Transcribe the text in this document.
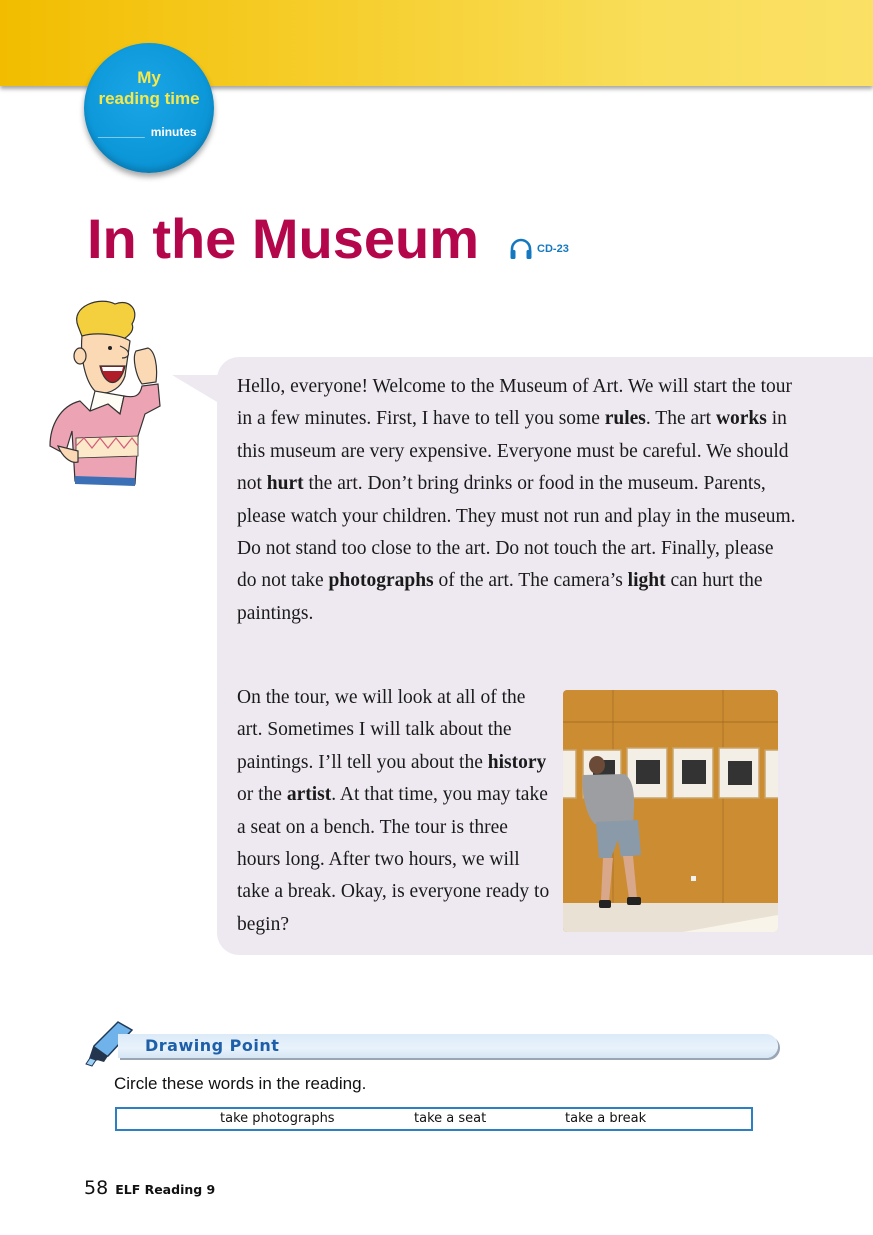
My
reading time
_______ minutes
In the Museum	CD-23
Hello, everyone! Welcome to the Museum of Art. We will start the tour in a few minutes. First, I have to tell you some rules. The art works in this museum are very expensive. Everyone must be careful. We should not hurt the art. Don’t bring drinks or food in the museum. Parents, please watch your children. They must not run and play in the museum. Do not stand too close to the art. Do not touch the art. Finally, please do not take photographs of the art. The camera’s light can hurt the paintings.
On the tour, we will look at all of the art. Sometimes I will talk about the paintings. I’ll tell you about the history or the artist. At that time, you may take a seat on a bench. The tour is three hours long. After two hours, we will take a break. Okay, is everyone ready to begin?
Drawing Point
Circle these words in the reading.
take photographs	take a seat	take a break
58 ELF Reading 9
